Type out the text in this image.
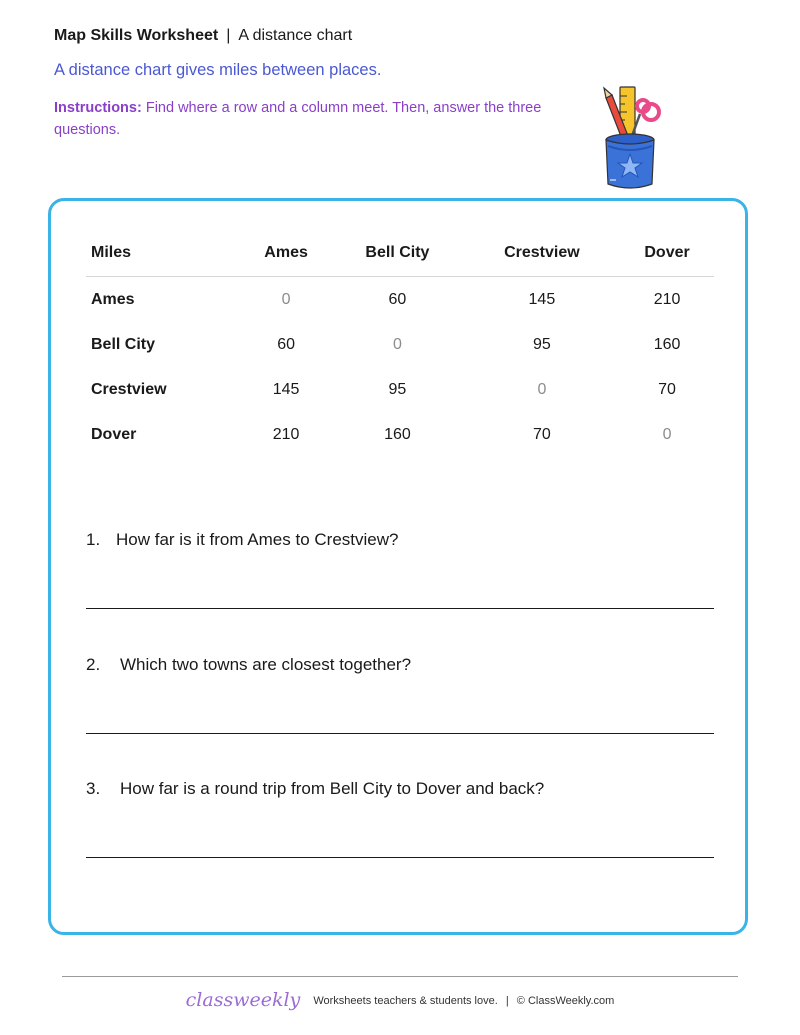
Map Skills Worksheet | A distance chart
A distance chart gives miles between places.
Instructions: Find where a row and a column meet. Then, answer the three questions.
Miles	Ames	Bell City	Crestview	Dover
Ames	0	60	145	210
Bell City	60	0	95	160
Crestview	145	95	0	70
Dover	210	160	70	0
1. How far is it from Ames to Crestview?
2. Which two towns are closest together?
3. How far is a round trip from Bell City to Dover and back?
classweekly Worksheets teachers & students love. | © ClassWeekly.com
